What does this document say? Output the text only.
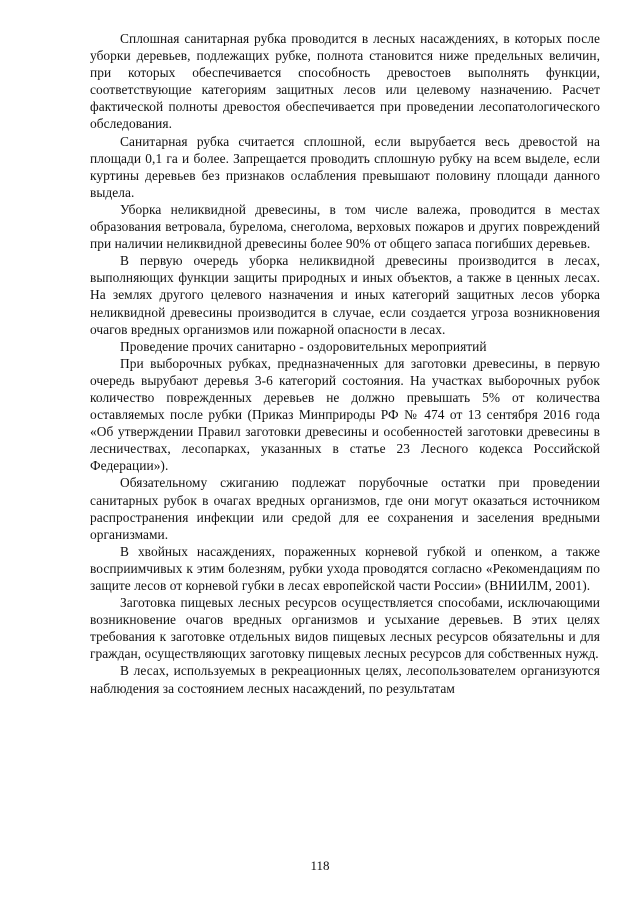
Сплошная санитарная рубка проводится в лесных насаждениях, в которых после уборки деревьев, подлежащих рубке, полнота становится ниже предельных величин, при которых обеспечивается способность древостоев выполнять функции, соответствующие категориям защитных лесов или целевому назначению. Расчет фактической полноты древостоя обеспечивается при проведении лесопатологического обследования.

Санитарная рубка считается сплошной, если вырубается весь древостой на площади 0,1 га и более. Запрещается проводить сплошную рубку на всем выделе, если куртины деревьев без признаков ослабления превышают половину площади данного выдела.

Уборка неликвидной древесины, в том числе валежа, проводится в местах образования ветровала, бурелома, снеголома, верховых пожаров и других повреждений при наличии неликвидной древесины более 90% от общего запаса погибших деревьев.

В первую очередь уборка неликвидной древесины производится в лесах, выполняющих функции защиты природных и иных объектов, а также в ценных лесах. На землях другого целевого назначения и иных категорий защитных лесов уборка неликвидной древесины производится в случае, если создается угроза возникновения очагов вредных организмов или пожарной опасности в лесах.

Проведение прочих санитарно - оздоровительных мероприятий

При выборочных рубках, предназначенных для заготовки древесины, в первую очередь вырубают деревья 3-6 категорий состояния. На участках выборочных рубок количество поврежденных деревьев не должно превышать 5% от количества оставляемых после рубки (Приказ Минприроды РФ № 474 от 13 сентября 2016 года «Об утверждении Правил заготовки древесины и особенностей заготовки древесины в лесничествах, лесопарках, указанных в статье 23 Лесного кодекса Российской Федерации»).

Обязательному сжиганию подлежат порубочные остатки при проведении санитарных рубок в очагах вредных организмов, где они могут оказаться источником распространения инфекции или средой для ее сохранения и заселения вредными организмами.

В хвойных насаждениях, пораженных корневой губкой и опенком, а также восприимчивых к этим болезням, рубки ухода проводятся согласно «Рекомендациям по защите лесов от корневой губки в лесах европейской части России» (ВНИИЛМ, 2001).

Заготовка пищевых лесных ресурсов осуществляется способами, исключающими возникновение очагов вредных организмов и усыхание деревьев. В этих целях требования к заготовке отдельных видов пищевых лесных ресурсов обязательны и для граждан, осуществляющих заготовку пищевых лесных ресурсов для собственных нужд.

В лесах, используемых в рекреационных целях, лесопользователем организуются наблюдения за состоянием лесных насаждений, по результатам

118
